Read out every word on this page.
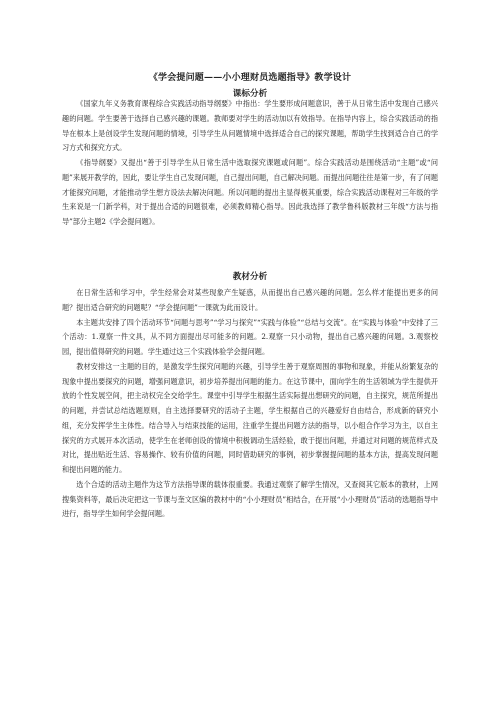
《学会提问题——小小理财员选题指导》教学设计
课标分析

《国家九年义务教育课程综合实践活动指导纲要》中指出：学生要形成问题意识，善于从日常生活中发现自己感兴趣的问题。学生要善于选择自己感兴趣的课题。教师要对学生的活动加以有效指导。在指导内容上，综合实践活动的指导在根本上是创设学生发现问题的情境，引导学生从问题情境中选择适合自己的探究课题，帮助学生找到适合自己的学习方式和探究方式。

《指导纲要》又提出“善于引导学生从日常生活中选取探究课题或问题”。综合实践活动是围绕活动“主题”或“问题”来展开教学的，因此，要让学生自己发现问题，自己提出问题，自己解决问题。而提出问题往往是第一步，有了问题才能探究问题，才能推动学生想方设法去解决问题。所以问题的提出主显得极其重要，综合实践活动课程对三年级的学生来说是一门新学科，对于提出合适的问题很难，必须教师精心指导。因此我选择了教学鲁科版教材三年级“方法与指导”部分主题2《学会提问题》。

教材分析

在日常生活和学习中，学生经常会对某些现象产生疑惑，从而提出自己感兴趣的问题。怎么样才能提出更多的问题？提出适合研究的问题呢？“学会提问题”一课就为此而设计。

本主题共安排了四个活动环节“问题与思考”“学习与探究”“实践与体验”“总结与交流”。在“实践与体验”中安排了三个活动：1.观察一件文具，从不同方面提出尽可能多的问题。2.观察一只小动物，提出自己感兴趣的问题。3.观察校园，提出值得研究的问题。学生通过这三个实践体验学会提问题。

教材安排这一主题的目的，是激发学生探究问题的兴趣，引导学生善于观察周围的事物和现象，并能从纷繁复杂的现象中提出要探究的问题，增强问题意识，初步培养提出问题的能力。在这节课中，面向学生的生活领域为学生提供开放的个性发展空间，把主动权完全交给学生。课堂中引导学生根据生活实际提出想研究的问题，自主探究，规范所提出的问题，并尝试总结选题原则，自主选择要研究的活动子主题，学生根据自己的兴趣爱好自由结合，形成新的研究小组，充分发挥学生主体性。结合导入与结束技能的运用，注重学生提出问题方法的指导，以小组合作学习为主，以自主探究的方式展开本次活动，使学生在老师创设的情境中积极调动生活经验，敢于提出问题，并通过对问题的规范样式及对比，提出贴近生活、容易操作、较有价值的问题，同时借助研究的事例，初步掌握提问题的基本方法，提高发现问题和提出问题的能力。

选个合适的活动主题作为这节方法指导课的载体很重要。我通过观察了解学生情况，又查阅其它版本的教材，上网搜集资料等，最后决定把这一节课与奎文区编的教材中的“小小理财员”相结合，在开展“小小理财员”活动的选题指导中进行，指导学生如何学会提问题。
